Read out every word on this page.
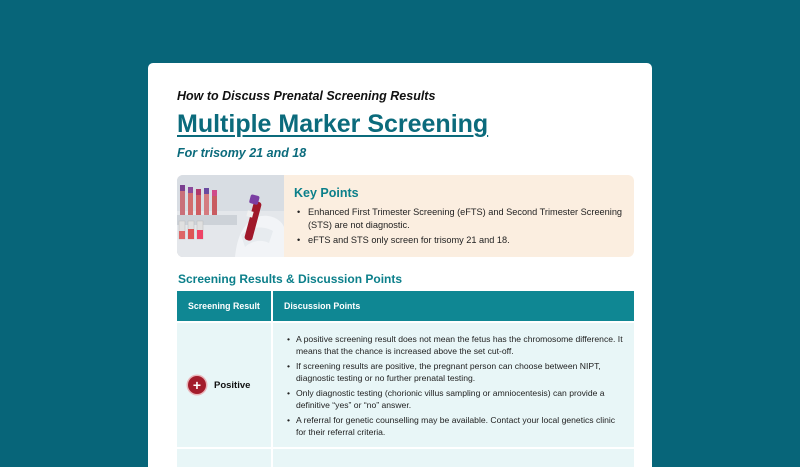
How to Discuss Prenatal Screening Results
Multiple Marker Screening
For trisomy 21 and 18
Key Points
• Enhanced First Trimester Screening (eFTS) and Second Trimester Screening (STS) are not diagnostic.
• eFTS and STS only screen for trisomy 21 and 18.
Screening Results & Discussion Points
Screening Result	Discussion Points
+	Positive
• A positive screening result does not mean the fetus has the chromosome difference. It means that the chance is increased above the set cut-off.
• If screening results are positive, the pregnant person can choose between NIPT, diagnostic testing or no further prenatal testing.
• Only diagnostic testing (chorionic villus sampling or amniocentesis) can provide a definitive “yes” or “no” answer.
• A referral for genetic counselling may be available. Contact your local genetics clinic for their referral criteria.
